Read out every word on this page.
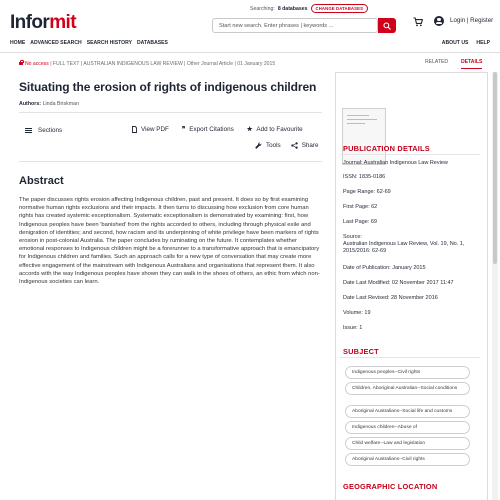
Searching: 8 databases	CHANGE DATABASES
Informit	Start new search. Enter phrases | keywords ...
Login | Register
HOME ADVANCED SEARCH SEARCH HISTORY DATABASES	ABOUT US HELP
No access | FULL TEXT | AUSTRALIAN INDIGENOUS LAW REVIEW | Other Journal Article | 01 January 2015
Situating the erosion of rights of indigenous children
Authors: Linda Briskman
Sections	View PDF ❞ Export Citations ★ Add to Favourite
Tools	Share
Abstract
The paper discusses rights erosion affecting Indigenous children, past and present. It does so by first examining normative human rights exclusions and their impacts. It then turns to discussing how exclusion from core human rights has created systemic exceptionalism. Systematic exceptionalism is demonstrated by examining: first, how Indigenous peoples have been 'banished' from the rights accorded to others, including through physical exile and denigration of identities; and second, how racism and its underpinning of white privilege have been markers of rights erosion in post-colonial Australia. The paper concludes by ruminating on the future. It contemplates whether emotional responses to Indigenous children might be a forerunner to a transformative approach that is emancipatory for Indigenous children and families. Such an approach calls for a new type of conversation that may create more effective engagement of the mainstream with Indigenous Australians and organisations that represent them. It also accords with the way Indigenous peoples have shown they can walk in the shoes of others, an ethic from which non-Indigenous societies can learn.
RELATED	DETAILS
PUBLICATION DETAILS
Journal: Australian Indigenous Law Review
ISSN: 1835-0186
Page Range: 62-69
First Page: 62
Last Page: 69
Source:
Australian Indigenous Law Review, Vol. 19, No. 1, 2015/2016: 62-69
Date of Publication: January 2015
Date Last Modified: 02 November 2017 11:47
Date Last Revised: 28 November 2016
Volume: 19
Issue: 1
SUBJECT
Indigenous peoples--Civil rights
Children, Aboriginal Australian--Social conditions
Aboriginal Australians--Social life and customs
Indigenous children--Abuse of
Child welfare--Law and legislation
Aboriginal Australians--Civil rights
GEOGRAPHIC LOCATION
